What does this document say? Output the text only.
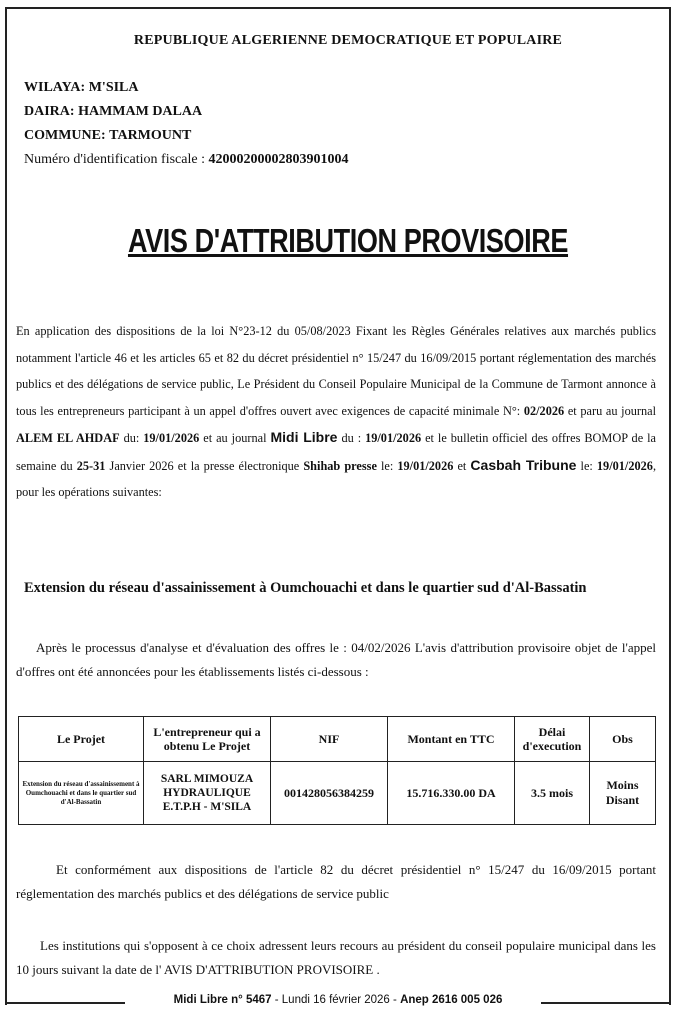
REPUBLIQUE ALGERIENNE DEMOCRATIQUE ET POPULAIRE
WILAYA: M'SILA
DAIRA: HAMMAM DALAA
COMMUNE: TARMOUNT
Numéro d'identification fiscale : 42000200002803901004
AVIS D'ATTRIBUTION PROVISOIRE
En application des dispositions de la loi N°23-12 du 05/08/2023 Fixant les Règles Générales relatives aux marchés publics notamment l'article 46 et les articles 65 et 82 du décret présidentiel n° 15/247 du 16/09/2015 portant réglementation des marchés publics et des délégations de service public, Le Président du Conseil Populaire Municipal de la Commune de Tarmont annonce à tous les entrepreneurs participant à un appel d'offres ouvert avec exigences de capacité minimale N°: 02/2026 et paru au journal ALEM EL AHDAF du: 19/01/2026 et au journal Midi Libre du : 19/01/2026 et le bulletin officiel des offres BOMOP de la semaine du 25-31 Janvier 2026 et la presse électronique Shihab presse le: 19/01/2026 et Casbah Tribune le: 19/01/2026, pour les opérations suivantes:
Extension du réseau d'assainissement à Oumchouachi et dans le quartier sud d'Al-Bassatin
Après le processus d'analyse et d'évaluation des offres le : 04/02/2026 L'avis d'attribution provisoire objet de l'appel d'offres ont été annoncées pour les établissements listés ci-dessous :
Le Projet	L'entrepreneur qui a obtenu Le Projet	NIF	Montant en TTC	Délai d'execution	Obs
Extension du réseau d'assainissement à Oumchouachi et dans le quartier sud d'Al-Bassatin	SARL MIMOUZA HYDRAULIQUE E.T.P.H - M'SILA	001428056384259	15.716.330.00 DA	3.5 mois	Moins Disant
Et conformément aux dispositions de l'article 82 du décret présidentiel n° 15/247 du 16/09/2015 portant réglementation des marchés publics et des délégations de service public
Les institutions qui s'opposent à ce choix adressent leurs recours au président du conseil populaire municipal dans les 10 jours suivant la date de l' AVIS D'ATTRIBUTION PROVISOIRE .
Midi Libre n° 5467 - Lundi 16 février 2026 - Anep 2616 005 026
